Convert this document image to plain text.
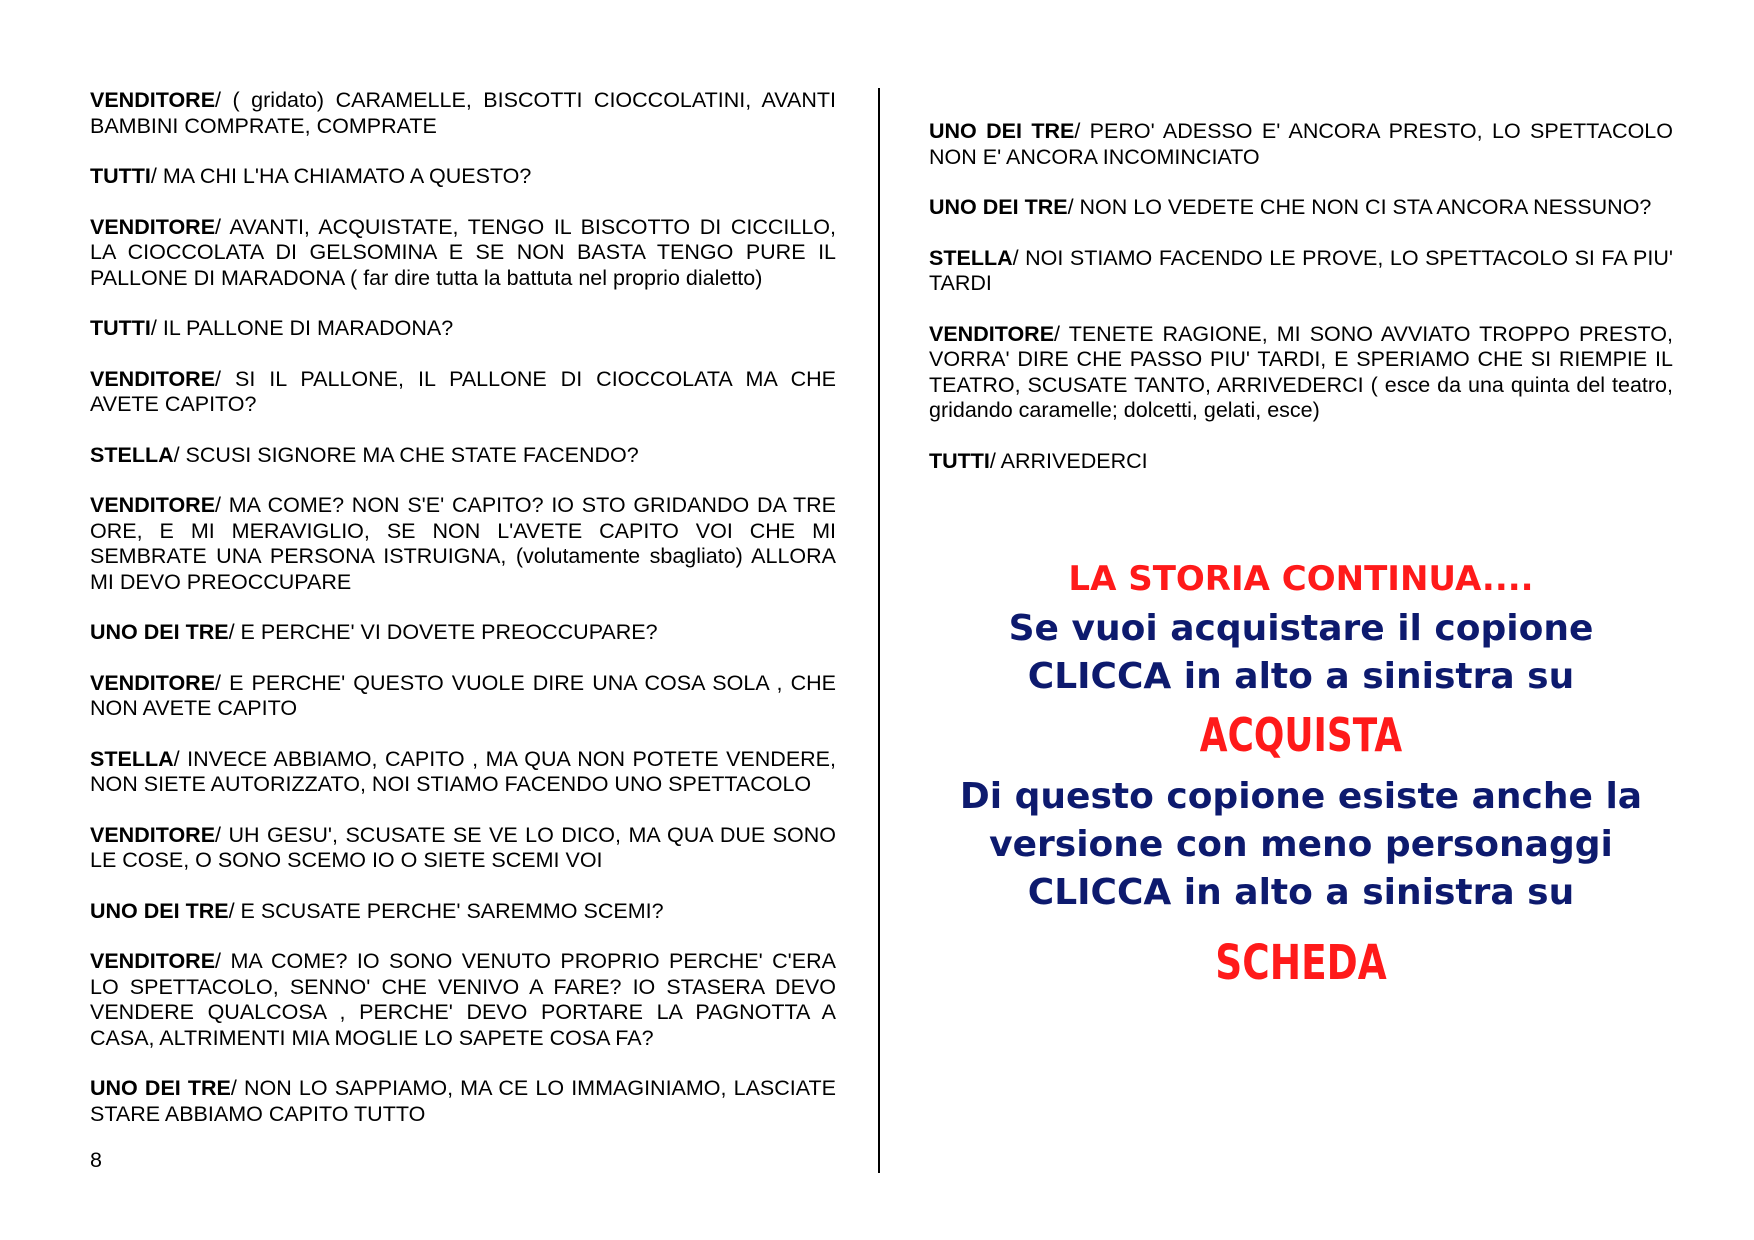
VENDITORE/ ( gridato) CARAMELLE, BISCOTTI CIOCCOLATINI, AVANTI BAMBINI COMPRATE, COMPRATE

TUTTI/ MA CHI L'HA CHIAMATO A QUESTO?

VENDITORE/ AVANTI, ACQUISTATE, TENGO IL BISCOTTO DI CICCILLO, LA CIOCCOLATA DI GELSOMINA E SE NON BASTA TENGO PURE IL PALLONE DI MARADONA ( far dire tutta la battuta nel proprio dialetto)

TUTTI/ IL PALLONE DI MARADONA?

VENDITORE/ SI IL PALLONE, IL PALLONE DI CIOCCOLATA MA CHE AVETE CAPITO?

STELLA/ SCUSI SIGNORE MA CHE STATE FACENDO?

VENDITORE/ MA COME? NON S'E' CAPITO? IO STO GRIDANDO DA TRE ORE, E MI MERAVIGLIO, SE NON L'AVETE CAPITO VOI CHE MI SEMBRATE UNA PERSONA ISTRUIGNA, (volutamente sbagliato) ALLORA MI DEVO PREOCCUPARE

UNO DEI TRE/ E PERCHE' VI DOVETE PREOCCUPARE?

VENDITORE/ E PERCHE' QUESTO VUOLE DIRE UNA COSA SOLA , CHE NON AVETE CAPITO

STELLA/ INVECE ABBIAMO, CAPITO , MA QUA NON POTETE VENDERE, NON SIETE AUTORIZZATO, NOI STIAMO FACENDO UNO SPETTACOLO

VENDITORE/ UH GESU', SCUSATE SE VE LO DICO, MA QUA DUE SONO LE COSE, O SONO SCEMO IO O SIETE SCEMI VOI

UNO DEI TRE/ E SCUSATE PERCHE' SAREMMO SCEMI?

VENDITORE/ MA COME? IO SONO VENUTO PROPRIO PERCHE' C'ERA LO SPETTACOLO, SENNO' CHE VENIVO A FARE? IO STASERA DEVO VENDERE QUALCOSA , PERCHE' DEVO PORTARE LA PAGNOTTA A CASA, ALTRIMENTI MIA MOGLIE LO SAPETE COSA FA?

UNO DEI TRE/ NON LO SAPPIAMO, MA CE LO IMMAGINIAMO, LASCIATE STARE ABBIAMO CAPITO TUTTO

8

UNO DEI TRE/ PERO' ADESSO E' ANCORA PRESTO, LO SPETTACOLO NON E' ANCORA INCOMINCIATO

UNO DEI TRE/ NON LO VEDETE CHE NON CI STA ANCORA NESSUNO?

STELLA/ NOI STIAMO FACENDO LE PROVE, LO SPETTACOLO SI FA PIU' TARDI

VENDITORE/ TENETE RAGIONE, MI SONO AVVIATO TROPPO PRESTO, VORRA' DIRE CHE PASSO PIU' TARDI, E SPERIAMO CHE SI RIEMPIE IL TEATRO, SCUSATE TANTO, ARRIVEDERCI ( esce da una quinta del teatro, gridando caramelle; dolcetti, gelati, esce)

TUTTI/ ARRIVEDERCI

LA STORIA CONTINUA....
Se vuoi acquistare il copione
CLICCA in alto a sinistra su
ACQUISTA
Di questo copione esiste anche la
versione con meno personaggi
CLICCA in alto a sinistra su
SCHEDA
